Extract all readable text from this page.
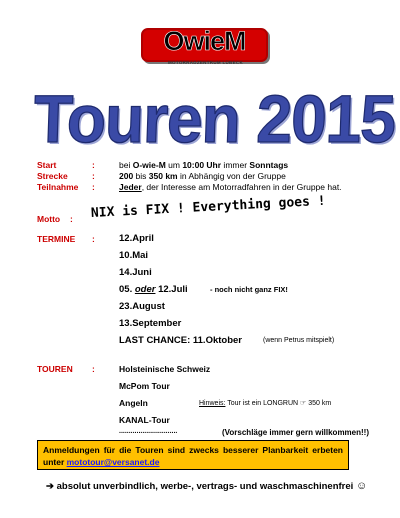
OwieM
MOTORRADZENTRUM LÜBECK
Touren 2015
Start	:	bei O-wie-M um 10:00 Uhr immer Sonntags
Strecke	:	200 bis 350 km in Abhängig von der Gruppe
Teilnahme :	Jeder, der Interesse am Motorradfahren in der Gruppe hat.
Motto : NIX is FIX ! Everything goes !
TERMINE :	12.April
10.Mai
14.Juni
05. oder 12.Juli	- noch nicht ganz FIX!
23.August
13.September
LAST CHANCE: 11.Oktober	(wenn Petrus mitspielt)
TOUREN :	Holsteinische Schweiz
McPom Tour
Angeln	Hinweis: Tour ist ein LONGRUN ☞ 350 km
KANAL-Tour
..............................	(Vorschläge immer gern willkommen!!)
Anmeldungen für die Touren sind zwecks besserer Planbarkeit erbeten unter mototour@versanet.de
➔ absolut unverbindlich, werbe-, vertrags- und waschmaschinenfrei ☺
